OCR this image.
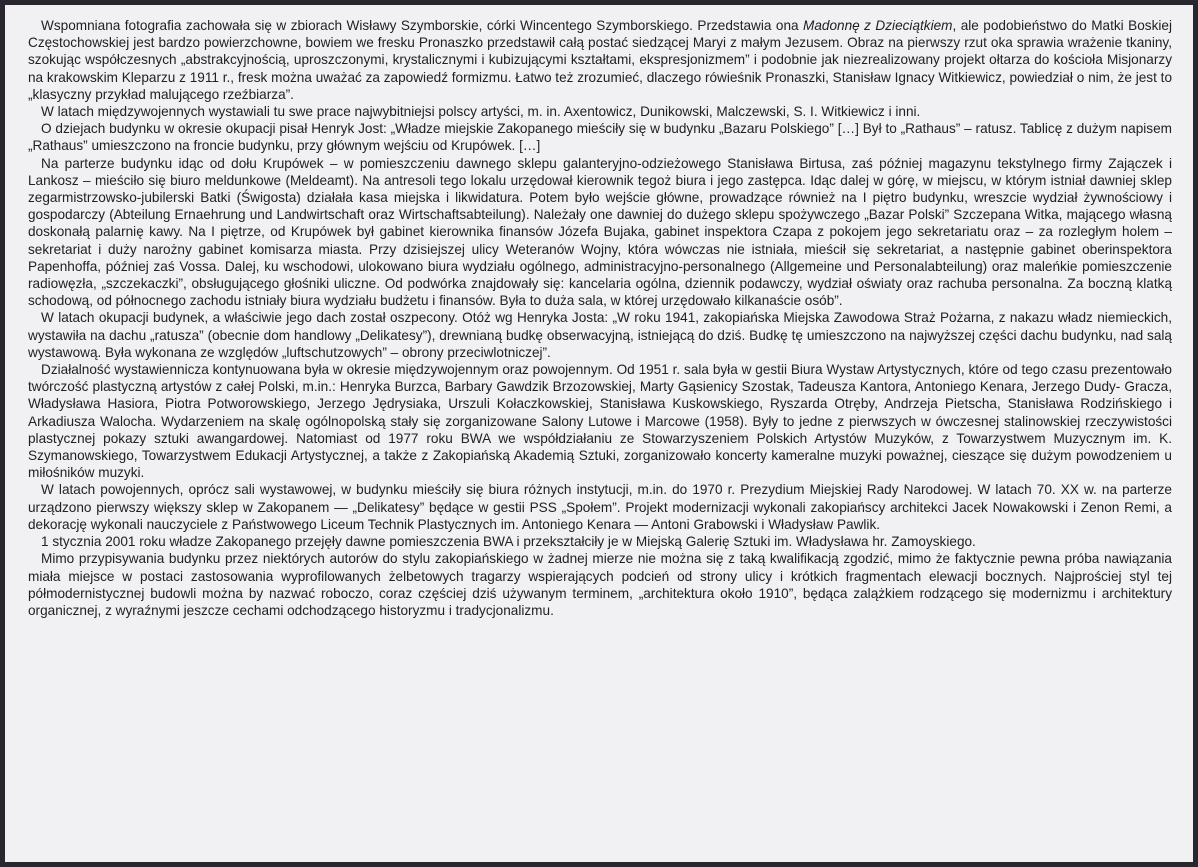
Wspomniana fotografia zachowała się w zbiorach Wisławy Szymborskie, córki Wincentego Szymborskiego. Przedstawia ona Madonnę z Dzieciątkiem, ale podobieństwo do Matki Boskiej Częstochowskiej jest bardzo powierzchowne, bowiem we fresku Pronaszko przedstawił całą postać siedzącej Maryi z małym Jezusem. Obraz na pierwszy rzut oka sprawia wrażenie tkaniny, szokując współczesnych „abstrakcyjnością, uproszczonymi, krystalicznymi i kubizującymi kształtami, ekspresjonizmem” i podobnie jak niezrealizowany projekt ołtarza do kościoła Misjonarzy na krakowskim Kleparzu z 1911 r., fresk można uważać za zapowiedź formizmu. Łatwo też zrozumieć, dlaczego rówieśnik Pronaszki, Stanisław Ignacy Witkiewicz, powiedział o nim, że jest to „klasyczny przykład malującego rzeźbiarza”.

W latach międzywojennych wystawiali tu swe prace najwybitniejsi polscy artyści, m. in. Axentowicz, Dunikowski, Malczewski, S. I. Witkiewicz i inni.

O dziejach budynku w okresie okupacji pisał Henryk Jost: „Władze miejskie Zakopanego mieściły się w budynku „Bazaru Polskiego” […] Był to „Rathaus” – ratusz. Tablicę z dużym napisem „Rathaus” umieszczono na froncie budynku, przy głównym wejściu od Krupówek. […]

Na parterze budynku idąc od dołu Krupówek – w pomieszczeniu dawnego sklepu galanteryjno-odzieżowego Stanisława Birtusa, zaś później magazynu tekstylnego firmy Zajączek i Lankosz – mieściło się biuro meldunkowe (Meldeamt). Na antresoli tego lokalu urzędował kierownik tegoż biura i jego zastępca. Idąc dalej w górę, w miejscu, w którym istniał dawniej sklep zegarmistrzowsko-jubilerski Batki (Świgosta) działała kasa miejska i likwidatura. Potem było wejście główne, prowadzące również na I piętro budynku, wreszcie wydział żywnościowy i gospodarczy (Abteilung Ernaehrung und Landwirtschaft oraz Wirtschaftsabteilung). Należały one dawniej do dużego sklepu spożywczego „Bazar Polski” Szczepana Witka, mającego własną doskonałą palarnię kawy. Na I piętrze, od Krupówek był gabinet kierownika finansów Józefa Bujaka, gabinet inspektora Czapa z pokojem jego sekretariatu oraz – za rozległym holem – sekretariat i duży narożny gabinet komisarza miasta. Przy dzisiejszej ulicy Weteranów Wojny, która wówczas nie istniała, mieścił się sekretariat, a następnie gabinet oberinspektora Papenhoffa, później zaś Vossa. Dalej, ku wschodowi, ulokowano biura wydziału ogólnego, administracyjno-personalnego (Allgemeine und Personalabteilung) oraz maleńkie pomieszczenie radiowęzła, „szczekaczki”, obsługującego głośniki uliczne. Od podwórka znajdowały się: kancelaria ogólna, dziennik podawczy, wydział oświaty oraz rachuba personalna. Za boczną klatką schodową, od północnego zachodu istniały biura wydziału budżetu i finansów. Była to duża sala, w której urzędowało kilkanaście osób”.

W latach okupacji budynek, a właściwie jego dach został oszpecony. Otóż wg Henryka Josta: „W roku 1941, zakopiańska Miejska Zawodowa Straż Pożarna, z nakazu władz niemieckich, wystawiła na dachu „ratusza” (obecnie dom handlowy „Delikatesy”), drewnianą budkę obserwacyjną, istniejącą do dziś. Budkę tę umieszczono na najwyższej części dachu budynku, nad salą wystawową. Była wykonana ze względów „luftschutzowych” – obrony przeciwlotniczej”.

Działalność wystawiennicza kontynuowana była w okresie międzywojennym oraz powojennym. Od 1951 r. sala była w gestii Biura Wystaw Artystycznych, które od tego czasu prezentowało twórczość plastyczną artystów z całej Polski, m.in.: Henryka Burzca, Barbary Gawdzik Brzozowskiej, Marty Gąsienicy Szostak, Tadeusza Kantora, Antoniego Kenara, Jerzego Dudy- Gracza, Władysława Hasiora, Piotra Potworowskiego, Jerzego Jędrysiaka, Urszuli Kołaczkowskiej, Stanisława Kuskowskiego, Ryszarda Otręby, Andrzeja Pietscha, Stanisława Rodzińskiego i Arkadiusza Walocha. Wydarzeniem na skalę ogólnopolską stały się zorganizowane Salony Lutowe i Marcowe (1958). Były to jedne z pierwszych w ówczesnej stalinowskiej rzeczywistości plastycznej pokazy sztuki awangardowej. Natomiast od 1977 roku BWA we współdziałaniu ze Stowarzyszeniem Polskich Artystów Muzyków, z Towarzystwem Muzycznym im. K. Szymanowskiego, Towarzystwem Edukacji Artystycznej, a także z Zakopiańską Akademią Sztuki, zorganizowało koncerty kameralne muzyki poważnej, cieszące się dużym powodzeniem u miłośników muzyki.

W latach powojennych, oprócz sali wystawowej, w budynku mieściły się biura różnych instytucji, m.in. do 1970 r. Prezydium Miejskiej Rady Narodowej. W latach 70. XX w. na parterze urządzono pierwszy większy sklep w Zakopanem — „Delikatesy” będące w gestii PSS „Społem”. Projekt modernizacji wykonali zakopiańscy architekci Jacek Nowakowski i Zenon Remi, a dekorację wykonali nauczyciele z Państwowego Liceum Technik Plastycznych im. Antoniego Kenara — Antoni Grabowski i Władysław Pawlik.

1 stycznia 2001 roku władze Zakopanego przejęły dawne pomieszczenia BWA i przekształciły je w Miejską Galerię Sztuki im. Władysława hr. Zamoyskiego.

Mimo przypisywania budynku przez niektórych autorów do stylu zakopiańskiego w żadnej mierze nie można się z taką kwalifikacją zgodzić, mimo że faktycznie pewna próba nawiązania miała miejsce w postaci zastosowania wyprofilowanych żelbetowych tragarzy wspierających podcień od strony ulicy i krótkich fragmentach elewacji bocznych. Najprościej styl tej półmodernistycznej budowli można by nazwać roboczo, coraz częściej dziś używanym terminem, „architektura około 1910”, będąca zalążkiem rodzącego się modernizmu i architektury organicznej, z wyraźnymi jeszcze cechami odchodzącego historyzmu i tradycjonalizmu.
